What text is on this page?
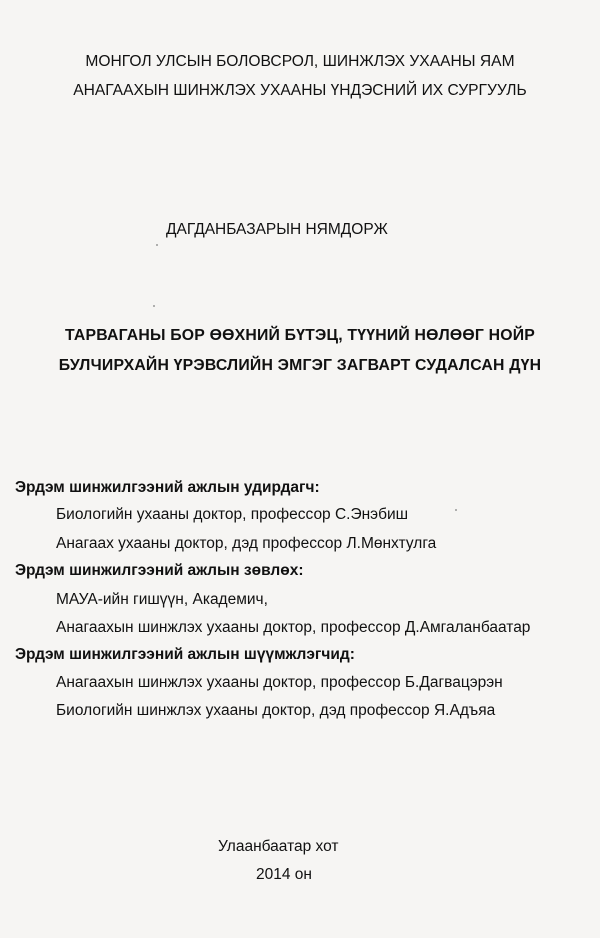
МОНГОЛ УЛСЫН БОЛОВСРОЛ, ШИНЖЛЭХ УХААНЫ ЯАМ
АНАГААХЫН ШИНЖЛЭХ УХААНЫ ҮНДЭСНИЙ ИХ СУРГУУЛЬ
ДАГДАНБАЗАРЫН НЯМДОРЖ
ТАРВАГАНЫ БОР ӨӨХНИЙ БҮТЭЦ, ТҮҮНИЙ НӨЛӨӨГ НОЙР
БУЛЧИРХАЙН ҮРЭВСЛИЙН ЭМГЭГ ЗАГВАРТ СУДАЛСАН ДҮН
Эрдэм шинжилгээний ажлын удирдагч:
Биологийн ухааны доктор, профессор С.Энэбиш
Анагаах ухааны доктор, дэд профессор Л.Мөнхтулга
Эрдэм шинжилгээний ажлын зөвлөх:
МАУА-ийн гишүүн, Академич,
Анагаахын шинжлэх ухааны доктор, профессор Д.Амгаланбаатар
Эрдэм шинжилгээний ажлын шүүмжлэгчид:
Анагаахын шинжлэх ухааны доктор, профессор Б.Дагвацэрэн
Биологийн шинжлэх ухааны доктор, дэд профессор Я.Адъяа
Улаанбаатар хот
2014 он
